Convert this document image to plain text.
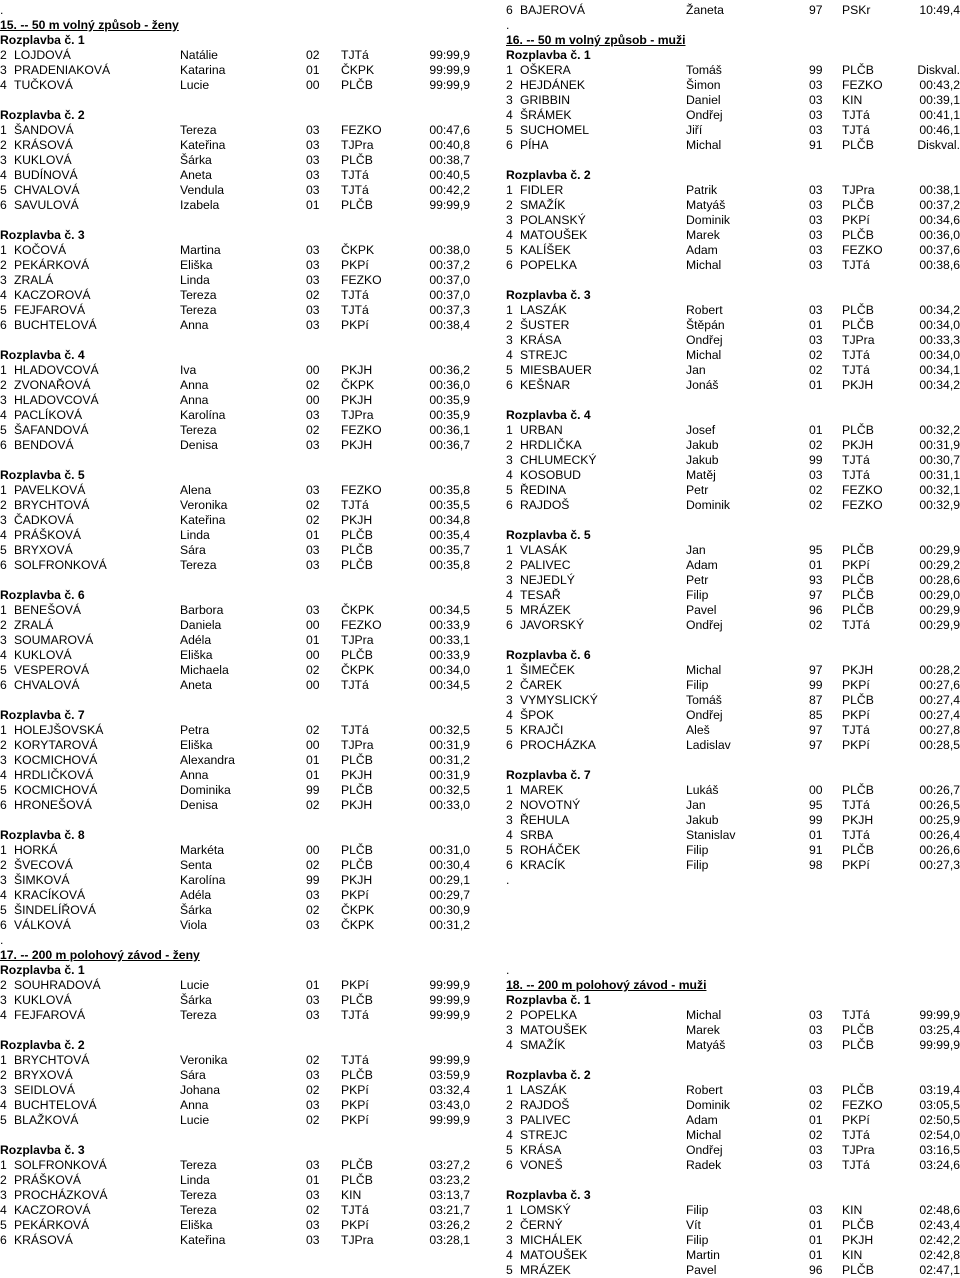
.
15. -- 50 m volný způsob - ženy
Rozplavba č. 1
2 LOJDOVÁ	Natálie	02 TJTá	99:99,9
3 PRADENIAKOVÁ	Katarina	01 ČKPK	99:99,9
4 TUČKOVÁ	Lucie	00 PLČB	99:99,9
Rozplavba č. 2
1 ŠANDOVÁ	Tereza	03 FEZKO	00:47,6
2 KRÁSOVÁ	Kateřina	03 TJPra	00:40,8
3 KUKLOVÁ	Šárka	03 PLČB	00:38,7
4 BUDÍNOVÁ	Aneta	03 TJTá	00:40,5
5 CHVALOVÁ	Vendula	03 TJTá	00:42,2
6 SAVULOVÁ	Izabela	01 PLČB	99:99,9
Rozplavba č. 3
1 KOČOVÁ	Martina	03 ČKPK	00:38,0
2 PEKÁRKOVÁ	Eliška	03 PKPí	00:37,2
3 ZRALÁ	Linda	03 FEZKO	00:37,0
4 KACZOROVÁ	Tereza	02 TJTá	00:37,0
5 FEJFAROVÁ	Tereza	03 TJTá	00:37,3
6 BUCHTELOVÁ	Anna	03 PKPí	00:38,4
Rozplavba č. 4
1 HLADOVCOVÁ	Iva	00 PKJH	00:36,2
2 ZVONAŘOVÁ	Anna	02 ČKPK	00:36,0
3 HLADOVCOVÁ	Anna	00 PKJH	00:35,9
4 PACLÍKOVÁ	Karolína	03 TJPra	00:35,9
5 ŠAFANDOVÁ	Tereza	02 FEZKO	00:36,1
6 BENDOVÁ	Denisa	03 PKJH	00:36,7
Rozplavba č. 5
1 PAVELKOVÁ	Alena	03 FEZKO	00:35,8
2 BRYCHTOVÁ	Veronika	02 TJTá	00:35,5
3 ČADKOVÁ	Kateřina	02 PKJH	00:34,8
4 PRÁŠKOVÁ	Linda	01 PLČB	00:35,4
5 BRYXOVÁ	Sára	03 PLČB	00:35,7
6 SOLFRONKOVÁ	Tereza	03 PLČB	00:35,8
Rozplavba č. 6
1 BENEŠOVÁ	Barbora	03 ČKPK	00:34,5
2 ZRALÁ	Daniela	00 FEZKO	00:33,9
3 SOUMAROVÁ	Adéla	01 TJPra	00:33,1
4 KUKLOVÁ	Eliška	00 PLČB	00:33,9
5 VESPEROVÁ	Michaela	02 ČKPK	00:34,0
6 CHVALOVÁ	Aneta	00 TJTá	00:34,5
Rozplavba č. 7
1 HOLEJŠOVSKÁ	Petra	02 TJTá	00:32,5
2 KORYTAROVÁ	Eliška	00 TJPra	00:31,9
3 KOCMICHOVÁ	Alexandra	01 PLČB	00:31,2
4 HRDLIČKOVÁ	Anna	01 PKJH	00:31,9
5 KOCMICHOVÁ	Dominika	99 PLČB	00:32,5
6 HRONEŠOVÁ	Denisa	02 PKJH	00:33,0
Rozplavba č. 8
1 HORKÁ	Markéta	00 PLČB	00:31,0
2 ŠVECOVÁ	Senta	02 PLČB	00:30,4
3 ŠIMKOVÁ	Karolína	99 PKJH	00:29,1
4 KRACÍKOVÁ	Adéla	03 PKPí	00:29,7
5 ŠINDELÍŘOVÁ	Šárka	02 ČKPK	00:30,9
6 VÁLKOVÁ	Viola	03 ČKPK	00:31,2
.
17. -- 200 m polohový závod - ženy
Rozplavba č. 1
2 SOUHRADOVÁ	Lucie	01 PKPí	99:99,9
3 KUKLOVÁ	Šárka	03 PLČB	99:99,9
4 FEJFAROVÁ	Tereza	03 TJTá	99:99,9
Rozplavba č. 2
1 BRYCHTOVÁ	Veronika	02 TJTá	99:99,9
2 BRYXOVÁ	Sára	03 PLČB	03:59,9
3 SEIDLOVÁ	Johana	02 PKPí	03:32,4
4 BUCHTELOVÁ	Anna	03 PKPí	03:43,0
5 BLAŽKOVÁ	Lucie	02 PKPí	99:99,9
Rozplavba č. 3
1 SOLFRONKOVÁ	Tereza	03 PLČB	03:27,2
2 PRÁŠKOVÁ	Linda	01 PLČB	03:23,2
3 PROCHÁZKOVÁ	Tereza	03 KIN	03:13,7
4 KACZOROVÁ	Tereza	02 TJTá	03:21,7
5 PEKÁRKOVÁ	Eliška	03 PKPí	03:26,2
6 KRÁSOVÁ	Kateřina	03 TJPra	03:28,1
6 BAJEROVÁ	Žaneta	97 PSKr	10:49,4
.
16. -- 50 m volný způsob - muži
Rozplavba č. 1
1 OŠKERA	Tomáš	99 PLČB	Diskval.
2 HEJDÁNEK	Šimon	03 FEZKO	00:43,2
3 GRIBBIN	Daniel	03 KIN	00:39,1
4 ŠRÁMEK	Ondřej	03 TJTá	00:41,1
5 SUCHOMEL	Jiří	03 TJTá	00:46,1
6 PÍHA	Michal	91 PLČB	Diskval.
Rozplavba č. 2
1 FIDLER	Patrik	03 TJPra	00:38,1
2 SMAŽÍK	Matyáš	03 PLČB	00:37,2
3 POLANSKÝ	Dominik	03 PKPí	00:34,6
4 MATOUŠEK	Marek	03 PLČB	00:36,0
5 KALÍŠEK	Adam	03 FEZKO	00:37,6
6 POPELKA	Michal	03 TJTá	00:38,6
Rozplavba č. 3
1 LASZÁK	Robert	03 PLČB	00:34,2
2 ŠUSTER	Štěpán	01 PLČB	00:34,0
3 KRÁSA	Ondřej	03 TJPra	00:33,3
4 STREJC	Michal	02 TJTá	00:34,0
5 MIESBAUER	Jan	02 TJTá	00:34,1
6 KEŠNAR	Jonáš	01 PKJH	00:34,2
Rozplavba č. 4
1 URBAN	Josef	01 PLČB	00:32,2
2 HRDLIČKA	Jakub	02 PKJH	00:31,9
3 CHLUMECKÝ	Jakub	99 TJTá	00:30,7
4 KOSOBUD	Matěj	03 TJTá	00:31,1
5 ŘEDINA	Petr	02 FEZKO	00:32,1
6 RAJDOŠ	Dominik	02 FEZKO	00:32,9
Rozplavba č. 5
1 VLASÁK	Jan	95 PLČB	00:29,9
2 PALIVEC	Adam	01 PKPí	00:29,2
3 NEJEDLÝ	Petr	93 PLČB	00:28,6
4 TESAŘ	Filip	97 PLČB	00:29,0
5 MRÁZEK	Pavel	96 PLČB	00:29,9
6 JAVORSKÝ	Ondřej	02 TJTá	00:29,9
Rozplavba č. 6
1 ŠIMEČEK	Michal	97 PKJH	00:28,2
2 ČAREK	Filip	99 PKPí	00:27,6
3 VYMYSLICKÝ	Tomáš	87 PLČB	00:27,4
4 ŠPOK	Ondřej	85 PKPí	00:27,4
5 KRAJČI	Aleš	97 TJTá	00:27,8
6 PROCHÁZKA	Ladislav	97 PKPí	00:28,5
Rozplavba č. 7
1 MAREK	Lukáš	00 PLČB	00:26,7
2 NOVOTNÝ	Jan	95 TJTá	00:26,5
3 ŘEHULA	Jakub	99 PKJH	00:25,9
4 SRBA	Stanislav	01 TJTá	00:26,4
5 ROHÁČEK	Filip	91 PLČB	00:26,6
6 KRACÍK	Filip	98 PKPí	00:27,3
.
.
18. -- 200 m polohový závod - muži
Rozplavba č. 1
2 POPELKA	Michal	03 TJTá	99:99,9
3 MATOUŠEK	Marek	03 PLČB	03:25,4
4 SMAŽÍK	Matyáš	03 PLČB	99:99,9
Rozplavba č. 2
1 LASZÁK	Robert	03 PLČB	03:19,4
2 RAJDOŠ	Dominik	02 FEZKO	03:05,5
3 PALIVEC	Adam	01 PKPí	02:50,5
4 STREJC	Michal	02 TJTá	02:54,0
5 KRÁSA	Ondřej	03 TJPra	03:16,5
6 VONEŠ	Radek	03 TJTá	03:24,6
Rozplavba č. 3
1 LOMSKÝ	Filip	03 KIN	02:48,6
2 ČERNÝ	Vít	01 PLČB	02:43,4
3 MICHÁLEK	Filip	01 PKJH	02:42,2
4 MATOUŠEK	Martin	01 KIN	02:42,8
5 MRÁZEK	Pavel	96 PLČB	02:47,1
